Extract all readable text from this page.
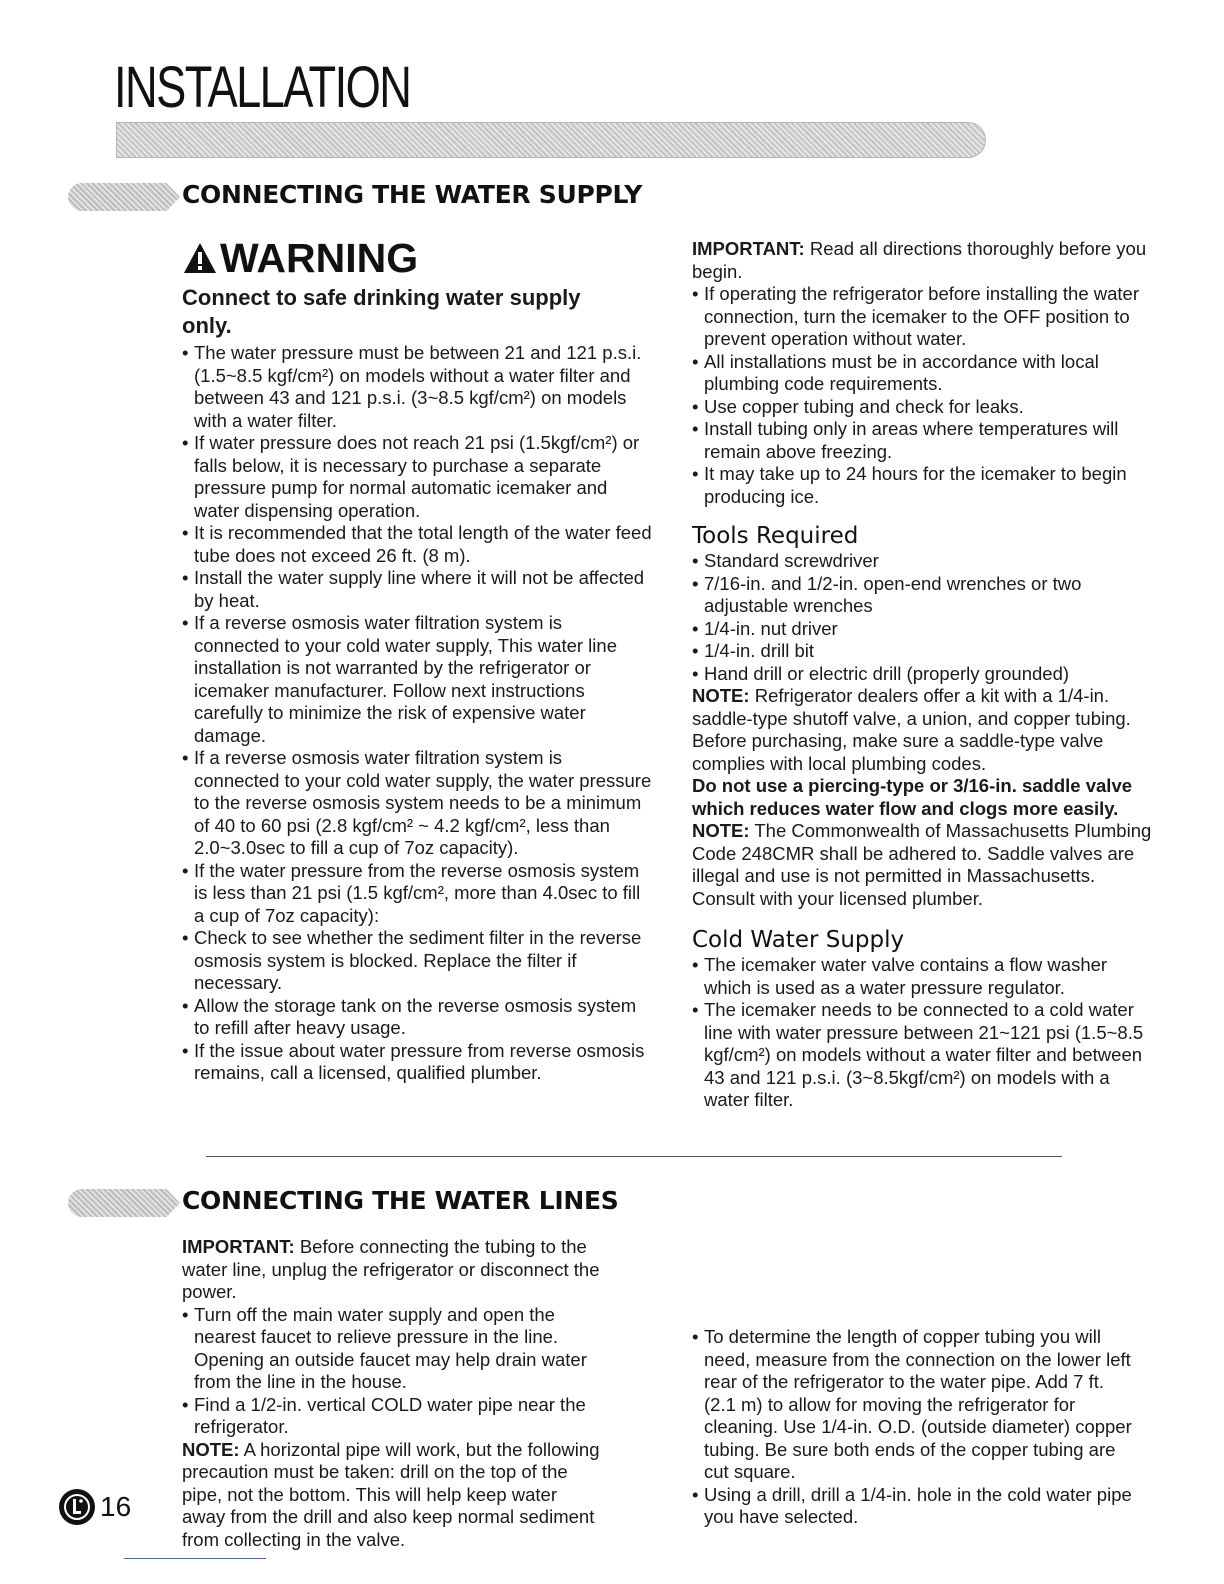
INSTALLATION
CONNECTING THE WATER SUPPLY
WARNING

Connect to safe drinking water supply only.

• The water pressure must be between 21 and 121 p.s.i. (1.5~8.5 kgf/cm²) on models without a water filter and between 43 and 121 p.s.i. (3~8.5 kgf/cm²) on models with a water filter.
• If water pressure does not reach 21 psi (1.5kgf/cm²) or falls below, it is necessary to purchase a separate pressure pump for normal automatic icemaker and water dispensing operation.
• It is recommended that the total length of the water feed tube does not exceed 26 ft. (8 m).
• Install the water supply line where it will not be affected by heat.
• If a reverse osmosis water filtration system is connected to your cold water supply, This water line installation is not warranted by the refrigerator or icemaker manufacturer. Follow next instructions carefully to minimize the risk of expensive water damage.
• If a reverse osmosis water filtration system is connected to your cold water supply, the water pressure to the reverse osmosis system needs to be a minimum of 40 to 60 psi (2.8 kgf/cm² ~ 4.2 kgf/cm², less than 2.0~3.0sec to fill a cup of 7oz capacity).
• If the water pressure from the reverse osmosis system is less than 21 psi (1.5 kgf/cm², more than 4.0sec to fill a cup of 7oz capacity):
• Check to see whether the sediment filter in the reverse osmosis system is blocked. Replace the filter if necessary.
• Allow the storage tank on the reverse osmosis system to refill after heavy usage.
• If the issue about water pressure from reverse osmosis remains, call a licensed, qualified plumber.

IMPORTANT: Read all directions thoroughly before you begin.

• If operating the refrigerator before installing the water connection, turn the icemaker to the OFF position to prevent operation without water.
• All installations must be in accordance with local plumbing code requirements.
• Use copper tubing and check for leaks.
• Install tubing only in areas where temperatures will remain above freezing.
• It may take up to 24 hours for the icemaker to begin producing ice.
Tools Required
• Standard screwdriver
• 7/16-in. and 1/2-in. open-end wrenches or two adjustable wrenches
• 1/4-in. nut driver
• 1/4-in. drill bit
• Hand drill or electric drill (properly grounded)

NOTE: Refrigerator dealers offer a kit with a 1/4-in. saddle-type shutoff valve, a union, and copper tubing. Before purchasing, make sure a saddle-type valve complies with local plumbing codes.

Do not use a piercing-type or 3/16-in. saddle valve which reduces water flow and clogs more easily.

NOTE: The Commonwealth of Massachusetts Plumbing Code 248CMR shall be adhered to. Saddle valves are illegal and use is not permitted in Massachusetts. Consult with your licensed plumber.

Cold Water Supply
• The icemaker water valve contains a flow washer which is used as a water pressure regulator.
• The icemaker needs to be connected to a cold water line with water pressure between 21~121 psi (1.5~8.5 kgf/cm²) on models without a water filter and between 43 and 121 p.s.i. (3~8.5kgf/cm²) on models with a water filter.
CONNECTING THE WATER LINES

IMPORTANT: Before connecting the tubing to the water line, unplug the refrigerator or disconnect the power.

• Turn off the main water supply and open the nearest faucet to relieve pressure in the line. Opening an outside faucet may help drain water from the line in the house.
• Find a 1/2-in. vertical COLD water pipe near the refrigerator.

NOTE: A horizontal pipe will work, but the following precaution must be taken: drill on the top of the pipe, not the bottom. This will help keep water away from the drill and also keep normal sediment from collecting in the valve.

• To determine the length of copper tubing you will need, measure from the connection on the lower left rear of the refrigerator to the water pipe. Add 7 ft. (2.1 m) to allow for moving the refrigerator for cleaning. Use 1/4-in. O.D. (outside diameter) copper tubing. Be sure both ends of the copper tubing are cut square.
• Using a drill, drill a 1/4-in. hole in the cold water pipe you have selected.
16
